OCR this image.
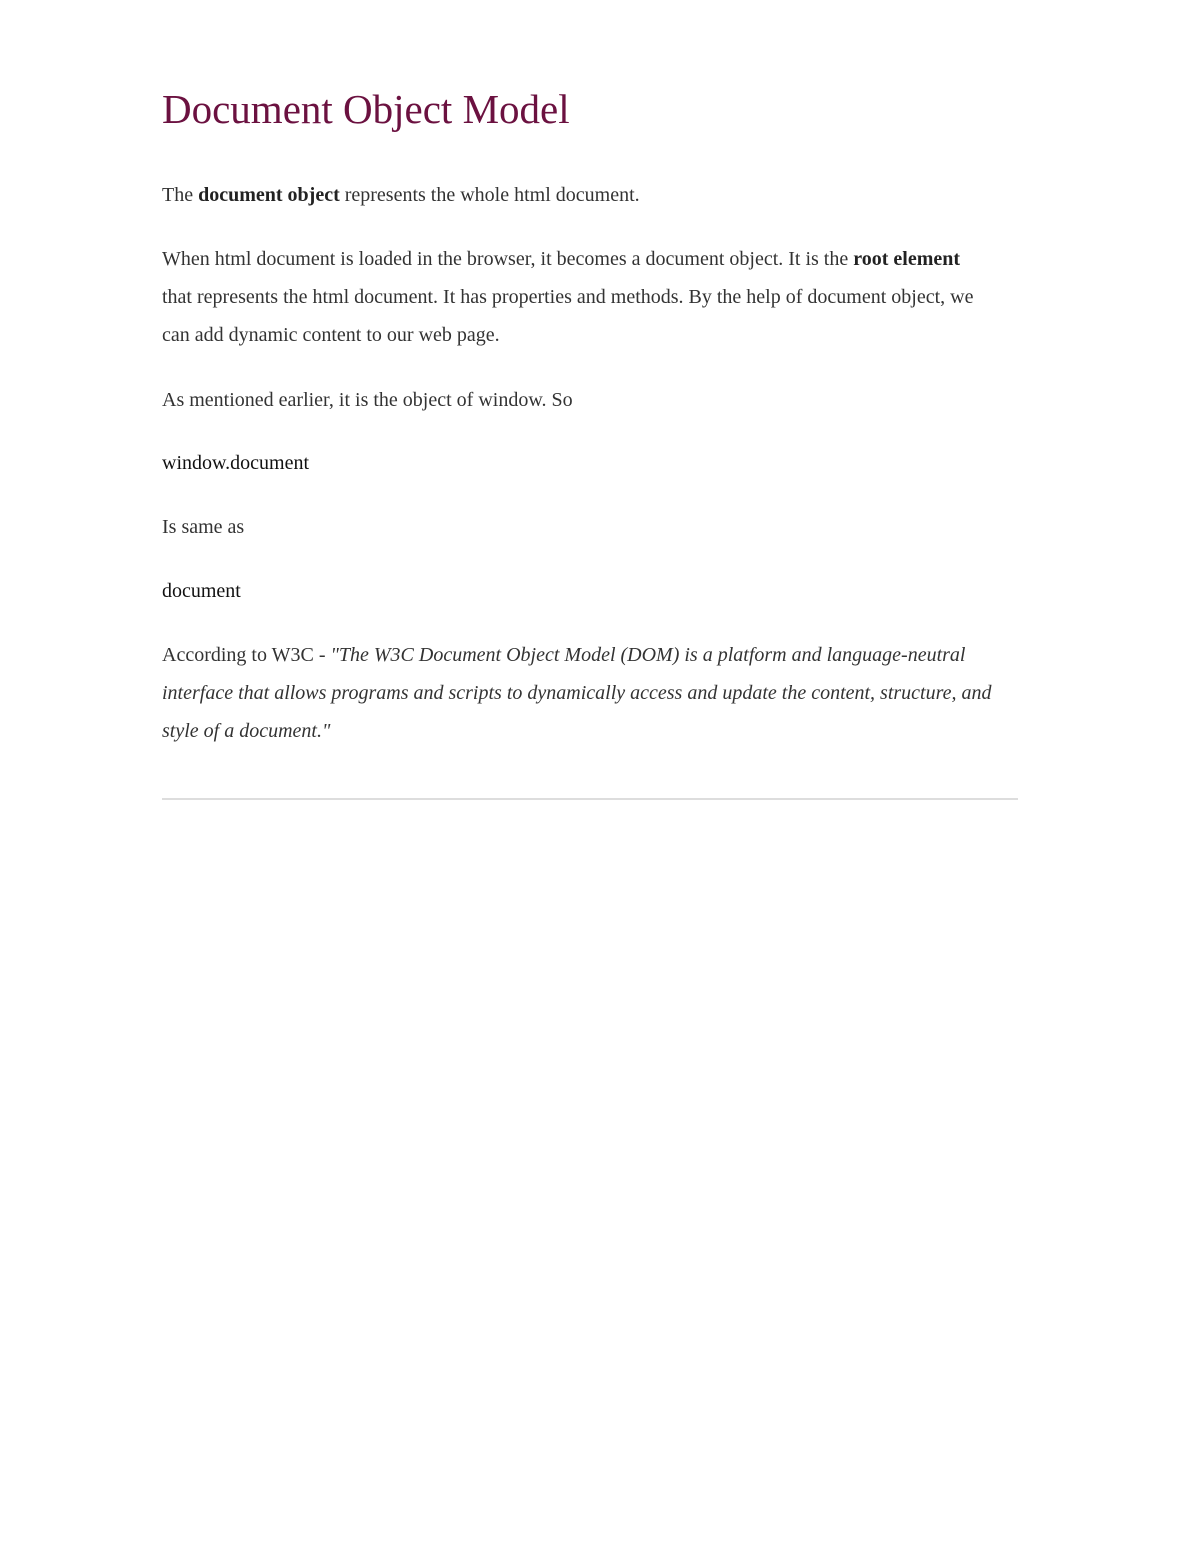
Document Object Model

The document object represents the whole html document.

When html document is loaded in the browser, it becomes a document object. It is the root element that represents the html document. It has properties and methods. By the help of document object, we can add dynamic content to our web page.

As mentioned earlier, it is the object of window. So

window.document

Is same as

document

According to W3C - "The W3C Document Object Model (DOM) is a platform and language-neutral interface that allows programs and scripts to dynamically access and update the content, structure, and style of a document."
